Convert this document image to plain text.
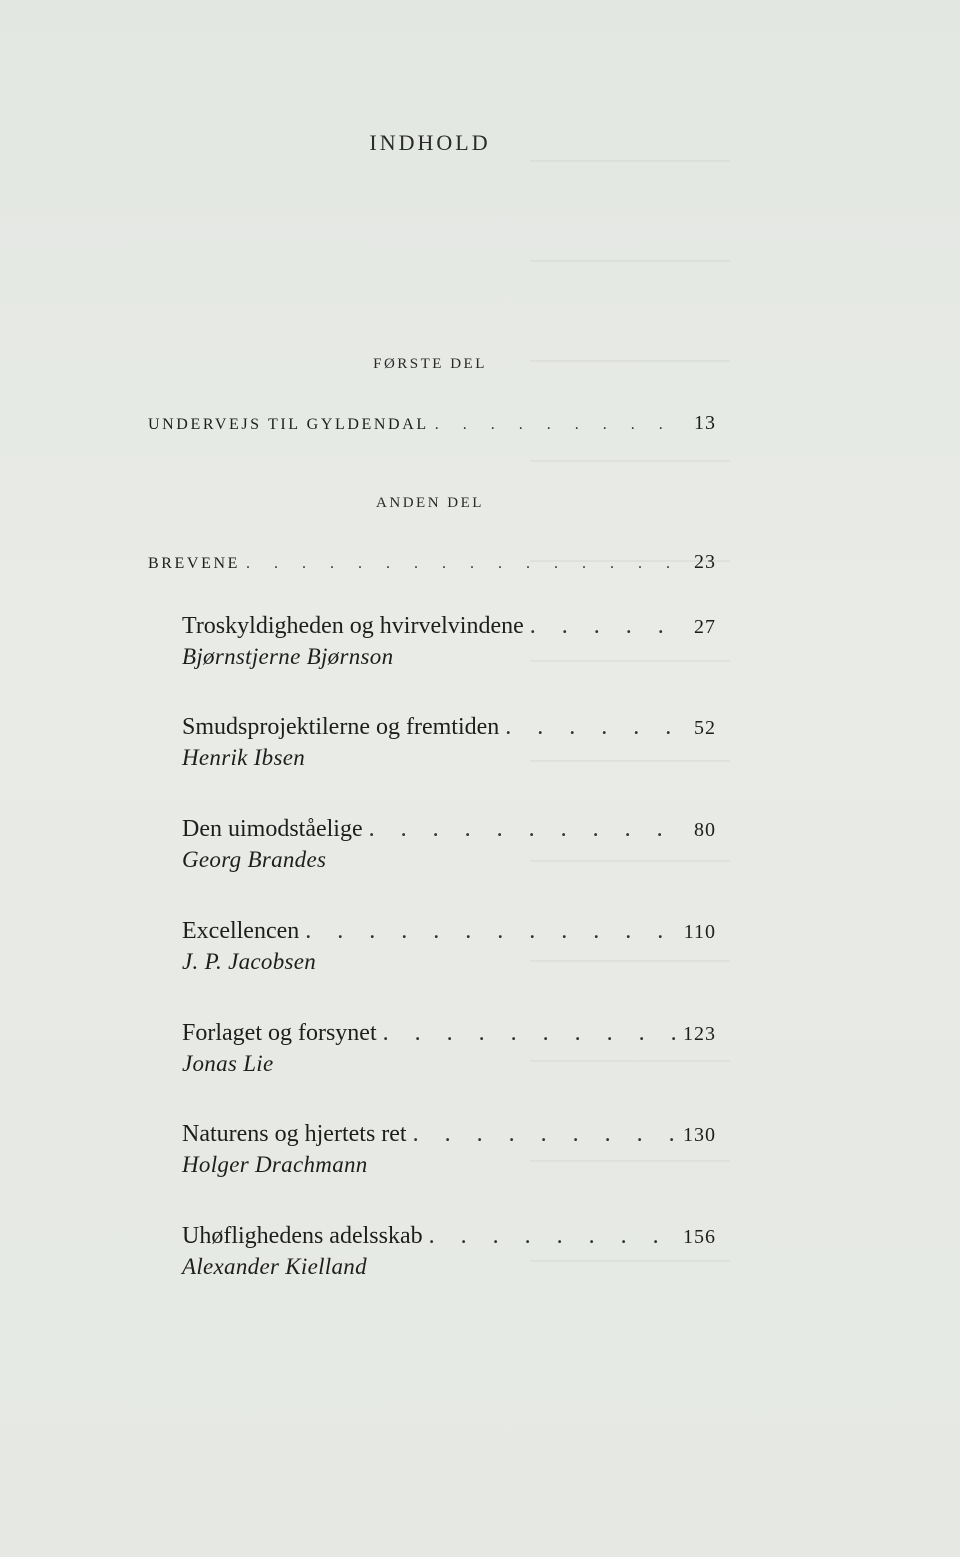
INDHOLD
FØRSTE DEL
UNDERVEJS TIL GYLDENDAL . . .	13
ANDEN DEL
BREVENE . . .	23
Troskyldigheden og hvirvelvindene . . .	27
Bjørnstjerne Bjørnson
Smudsprojektilerne og fremtiden . . .	52
Henrik Ibsen
Den uimodståelige . . .	80
Georg Brandes
Excellencen . . .	110
J. P. Jacobsen
Forlaget og forsynet . . .	123
Jonas Lie
Naturens og hjertets ret . . .	130
Holger Drachmann
Uhøflighedens adelsskab . . .	156
Alexander Kielland
